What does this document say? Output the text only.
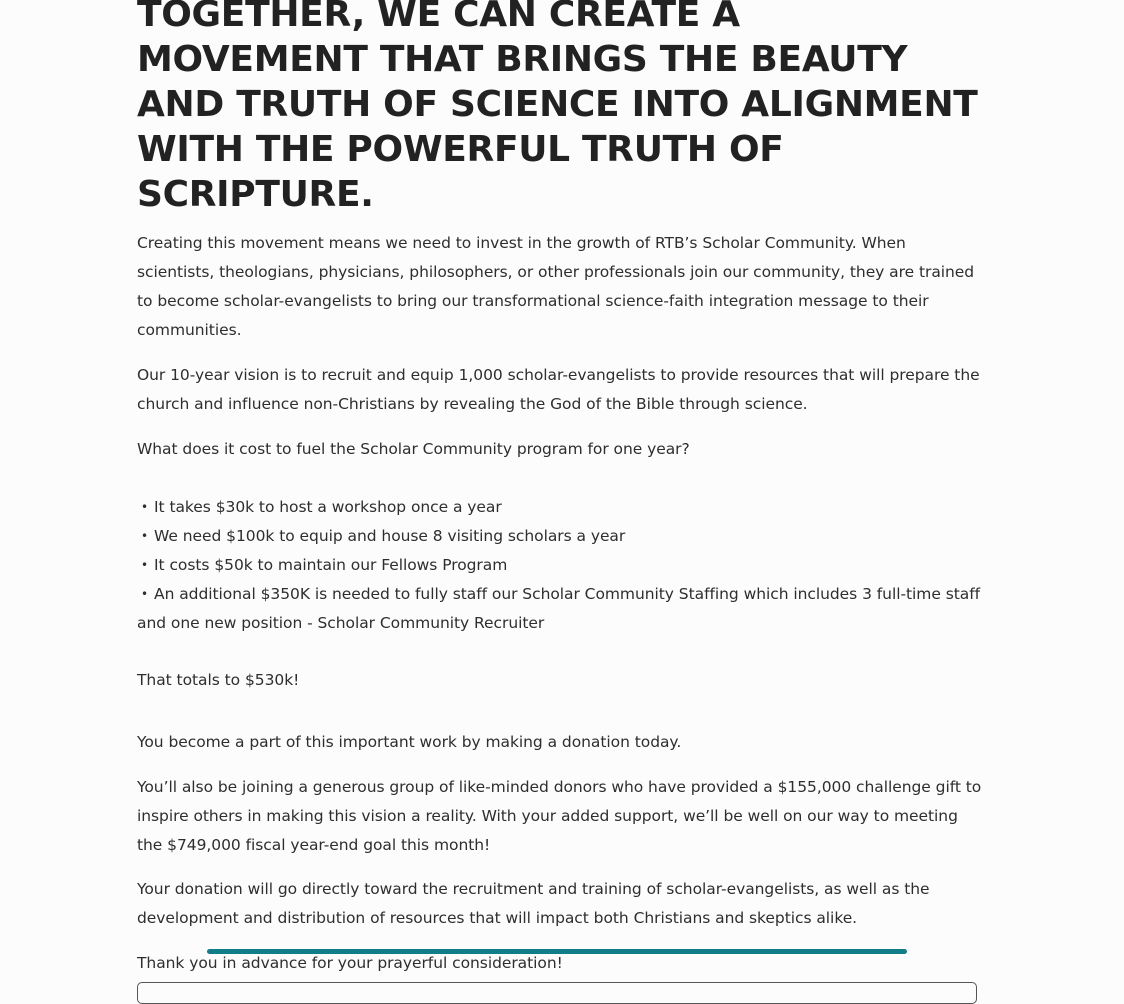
TOGETHER, WE CAN CREATE A MOVEMENT THAT BRINGS THE BEAUTY AND TRUTH OF SCIENCE INTO ALIGNMENT WITH THE POWERFUL TRUTH OF SCRIPTURE.

Creating this movement means we need to invest in the growth of RTB’s Scholar Community. When scientists, theologians, physicians, philosophers, or other professionals join our community, they are trained to become scholar-evangelists to bring our transformational science-faith integration message to their communities.

Our 10-year vision is to recruit and equip 1,000 scholar-evangelists to provide resources that will prepare the church and influence non-Christians by revealing the God of the Bible through science.

What does it cost to fuel the Scholar Community program for one year?

• It takes $30k to host a workshop once a year
• We need $100k to equip and house 8 visiting scholars a year
• It costs $50k to maintain our Fellows Program
• An additional $350K is needed to fully staff our Scholar Community Staffing which includes 3 full-time staff and one new position - Scholar Community Recruiter

That totals to $530k!

You become a part of this important work by making a donation today.

You’ll also be joining a generous group of like-minded donors who have provided a $155,000 challenge gift to inspire others in making this vision a reality. With your added support, we’ll be well on our way to meeting the $749,000 fiscal year-end goal this month!

Your donation will go directly toward the recruitment and training of scholar-evangelists, as well as the development and distribution of resources that will impact both Christians and skeptics alike.

Thank you in advance for your prayerful consideration!
